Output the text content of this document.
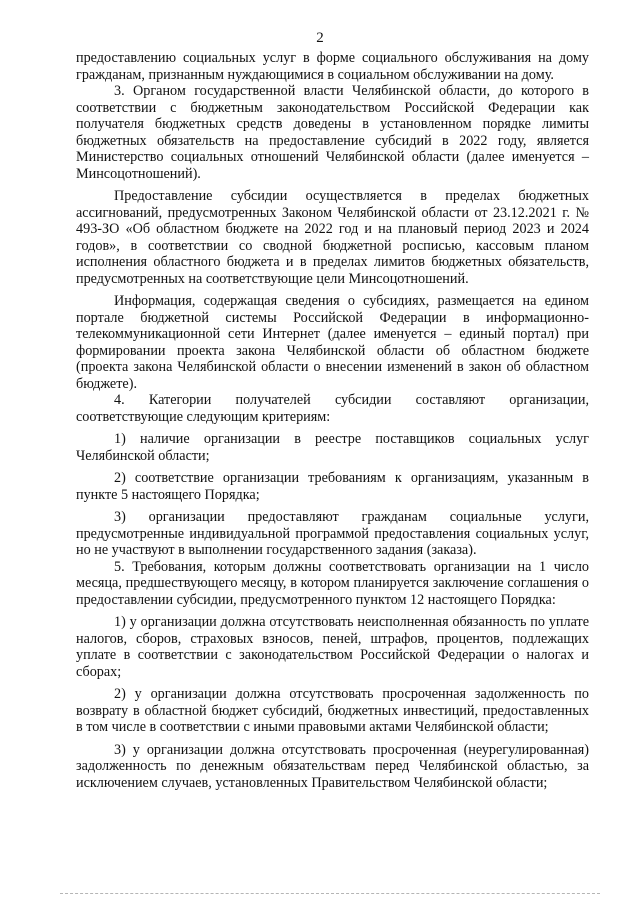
2

предоставлению социальных услуг в форме социального обслуживания на дому гражданам, признанным нуждающимися в социальном обслуживании на дому.

3. Органом государственной власти Челябинской области, до которого в соответствии с бюджетным законодательством Российской Федерации как получателя бюджетных средств доведены в установленном порядке лимиты бюджетных обязательств на предоставление субсидий в 2022 году, является Министерство социальных отношений Челябинской области (далее именуется – Минсоцотношений).

Предоставление субсидии осуществляется в пределах бюджетных ассигнований, предусмотренных Законом Челябинской области от 23.12.2021 г. № 493-ЗО «Об областном бюджете на 2022 год и на плановый период 2023 и 2024 годов», в соответствии со сводной бюджетной росписью, кассовым планом исполнения областного бюджета и в пределах лимитов бюджетных обязательств, предусмотренных на соответствующие цели Минсоцотношений.

Информация, содержащая сведения о субсидиях, размещается на едином портале бюджетной системы Российской Федерации в информационно-телекоммуникационной сети Интернет (далее именуется – единый портал) при формировании проекта закона Челябинской области об областном бюджете (проекта закона Челябинской области о внесении изменений в закон об областном бюджете).

4. Категории получателей субсидии составляют организации, соответствующие следующим критериям:

1) наличие организации в реестре поставщиков социальных услуг Челябинской области;

2) соответствие организации требованиям к организациям, указанным в пункте 5 настоящего Порядка;

3) организации предоставляют гражданам социальные услуги, предусмотренные индивидуальной программой предоставления социальных услуг, но не участвуют в выполнении государственного задания (заказа).

5. Требования, которым должны соответствовать организации на 1 число месяца, предшествующего месяцу, в котором планируется заключение соглашения о предоставлении субсидии, предусмотренного пунктом 12 настоящего Порядка:

1) у организации должна отсутствовать неисполненная обязанность по уплате налогов, сборов, страховых взносов, пеней, штрафов, процентов, подлежащих уплате в соответствии с законодательством Российской Федерации о налогах и сборах;

2) у организации должна отсутствовать просроченная задолженность по возврату в областной бюджет субсидий, бюджетных инвестиций, предоставленных в том числе в соответствии с иными правовыми актами Челябинской области;

3) у организации должна отсутствовать просроченная (неурегулированная) задолженность по денежным обязательствам перед Челябинской областью, за исключением случаев, установленных Правительством Челябинской области;
